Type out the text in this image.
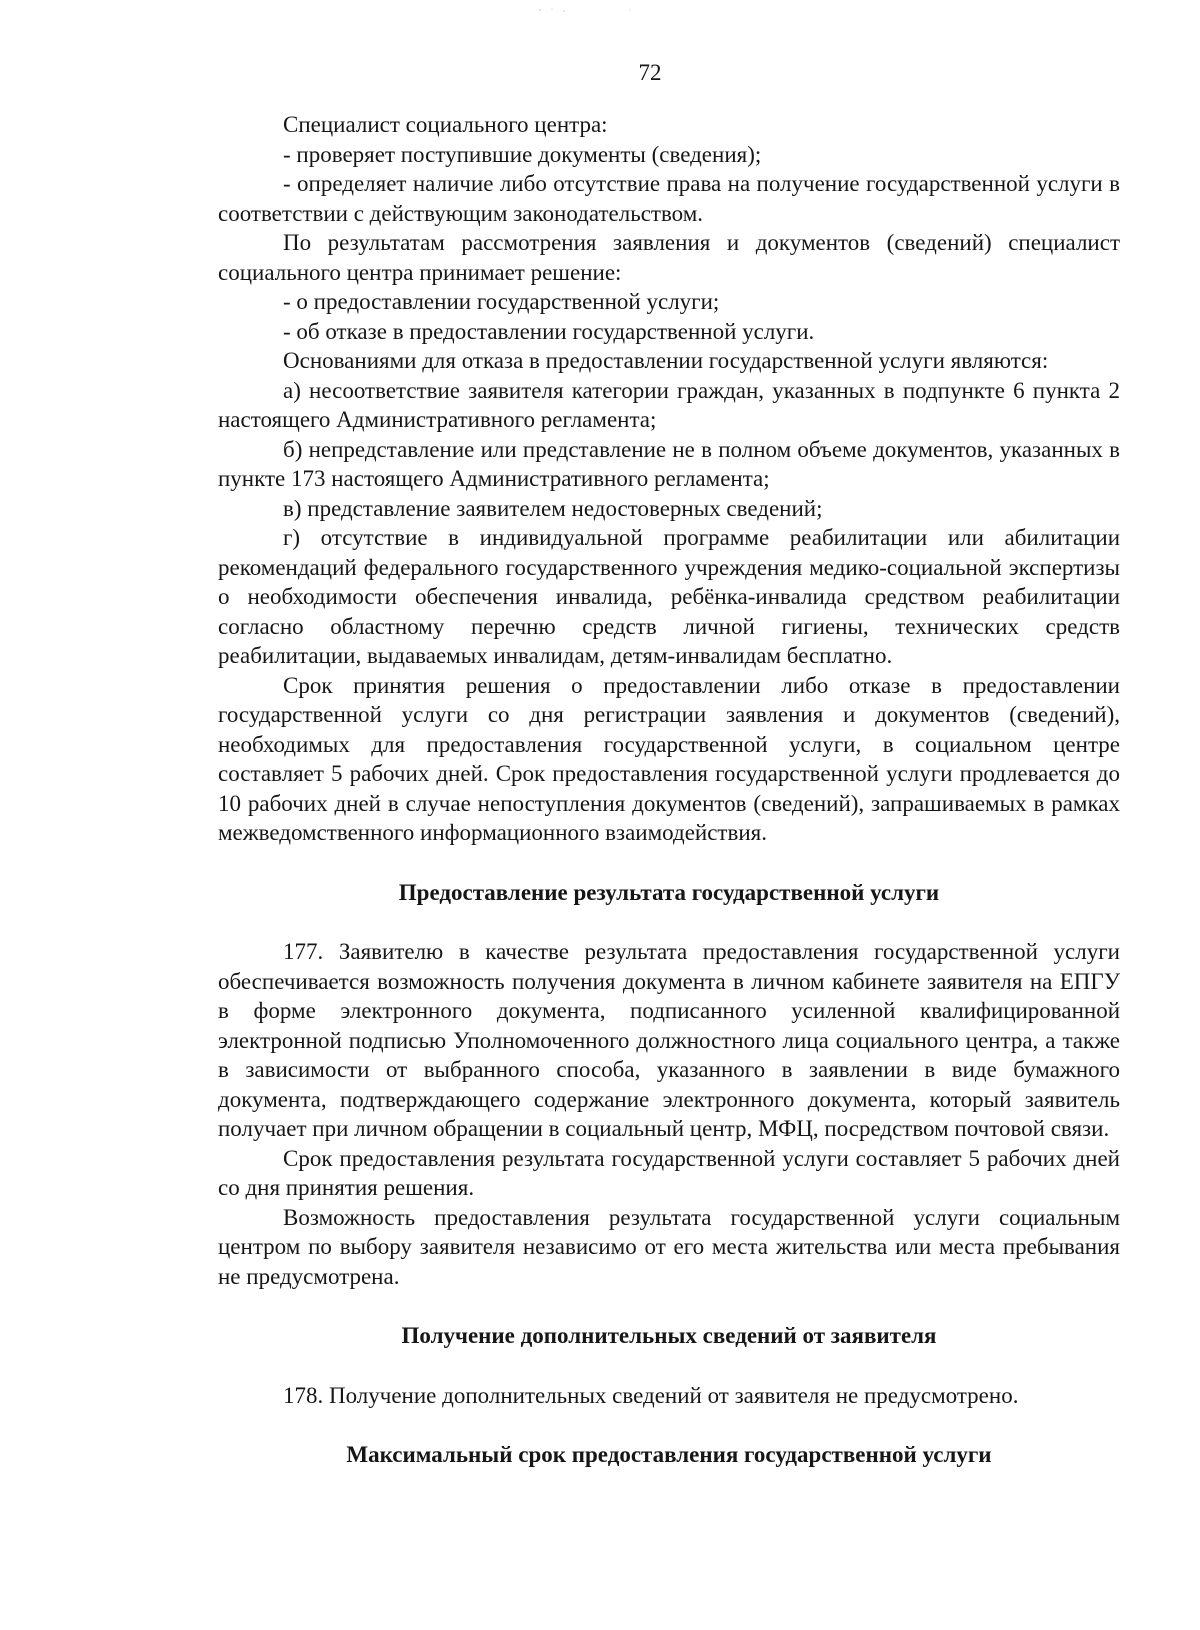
72

Специалист социального центра:

- проверяет поступившие документы (сведения);

- определяет наличие либо отсутствие права на получение государственной услуги в соответствии с действующим законодательством.

По результатам рассмотрения заявления и документов (сведений) специалист социального центра принимает решение:

- о предоставлении государственной услуги;

- об отказе в предоставлении государственной услуги.

Основаниями для отказа в предоставлении государственной услуги являются:

а) несоответствие заявителя категории граждан, указанных в подпункте 6 пункта 2 настоящего Административного регламента;

б) непредставление или представление не в полном объеме документов, указанных в пункте 173 настоящего Административного регламента;

в) представление заявителем недостоверных сведений;

г) отсутствие в индивидуальной программе реабилитации или абилитации рекомендаций федерального государственного учреждения медико-социальной экспертизы о необходимости обеспечения инвалида, ребёнка-инвалида средством реабилитации согласно областному перечню средств личной гигиены, технических средств реабилитации, выдаваемых инвалидам, детям-инвалидам бесплатно.

Срок принятия решения о предоставлении либо отказе в предоставлении государственной услуги со дня регистрации заявления и документов (сведений), необходимых для предоставления государственной услуги, в социальном центре составляет 5 рабочих дней. Срок предоставления государственной услуги продлевается до 10 рабочих дней в случае непоступления документов (сведений), запрашиваемых в рамках межведомственного информационного взаимодействия.

Предоставление результата государственной услуги

177. Заявителю в качестве результата предоставления государственной услуги обеспечивается возможность получения документа в личном кабинете заявителя на ЕПГУ в форме электронного документа, подписанного усиленной квалифицированной электронной подписью Уполномоченного должностного лица социального центра, а также в зависимости от выбранного способа, указанного в заявлении в виде бумажного документа, подтверждающего содержание электронного документа, который заявитель получает при личном обращении в социальный центр, МФЦ, посредством почтовой связи.

Срок предоставления результата государственной услуги составляет 5 рабочих дней со дня принятия решения.

Возможность предоставления результата государственной услуги социальным центром по выбору заявителя независимо от его места жительства или места пребывания не предусмотрена.

Получение дополнительных сведений от заявителя

178. Получение дополнительных сведений от заявителя не предусмотрено.

Максимальный срок предоставления государственной услуги
